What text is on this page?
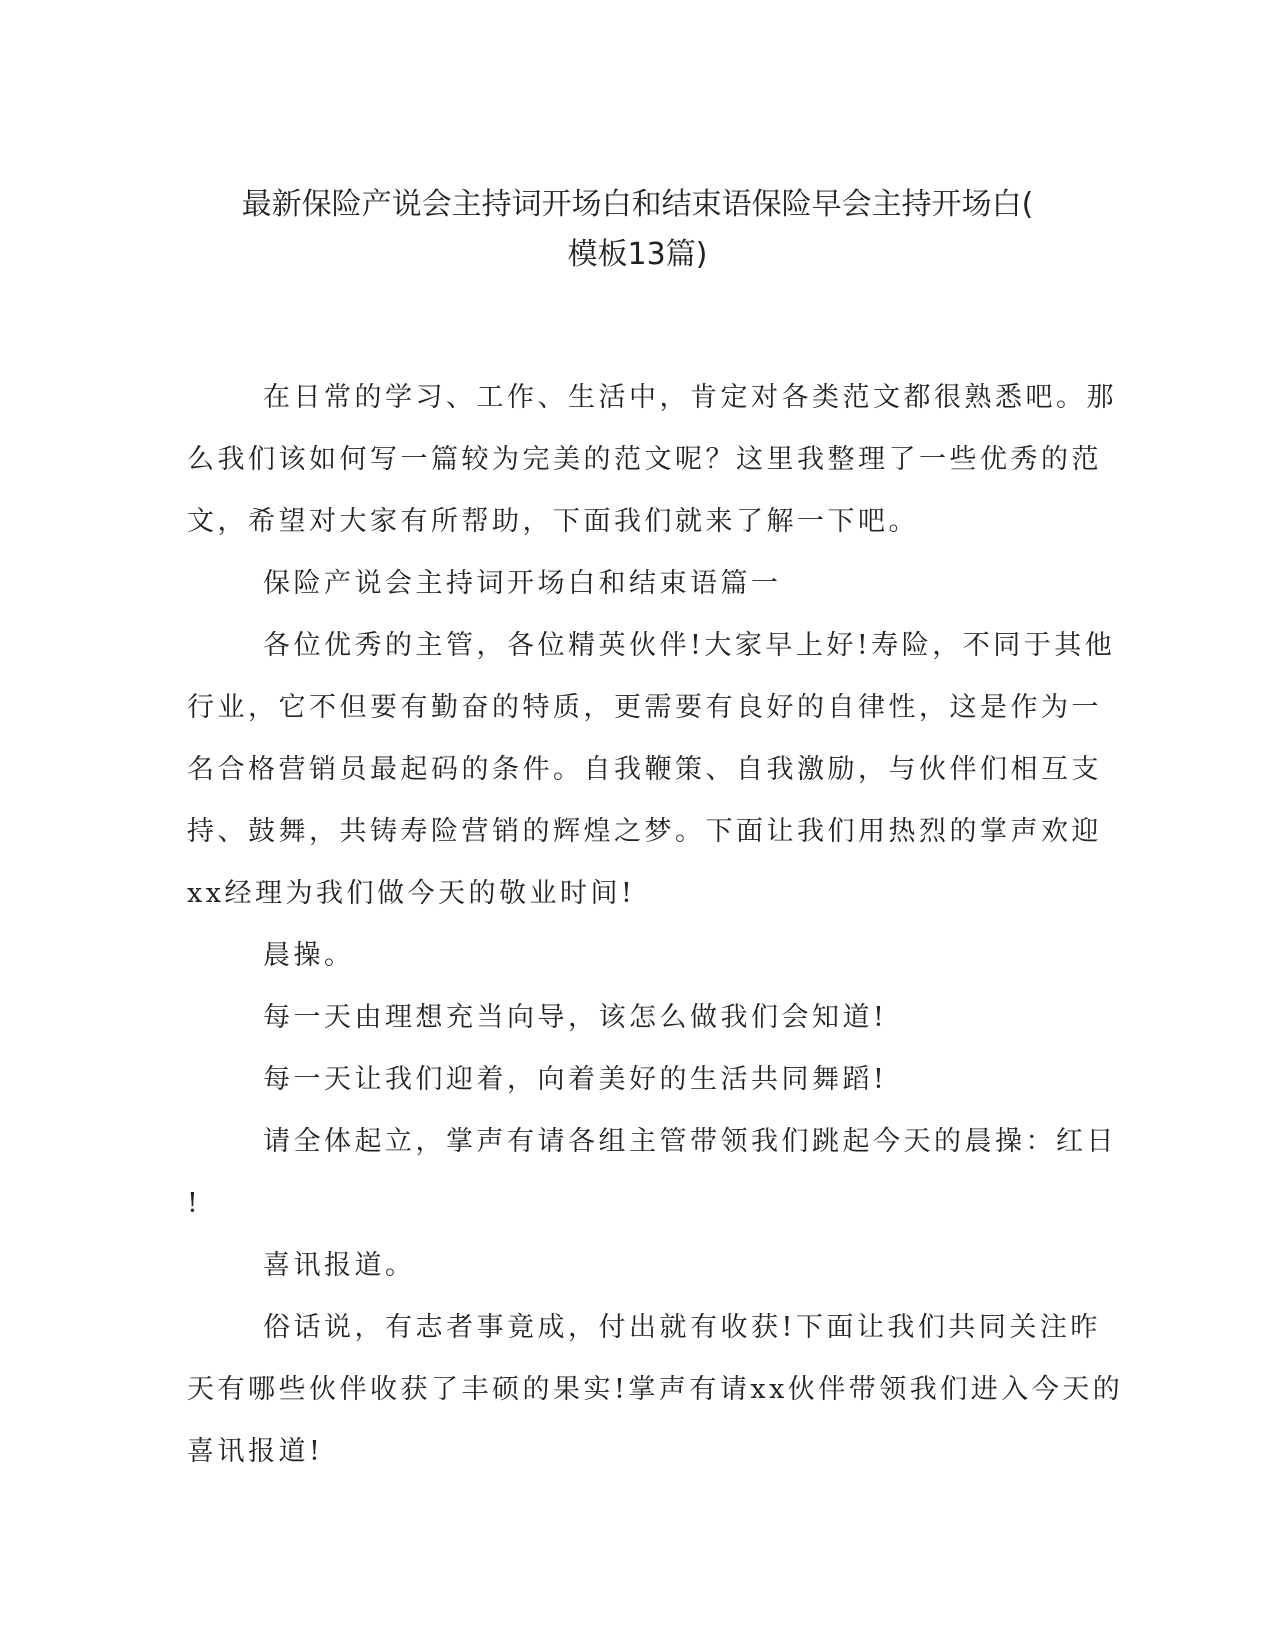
最新保险产说会主持词开场白和结束语保险早会主持开场白(
模板13篇)
在日常的学习、工作、生活中，肯定对各类范文都很熟悉吧。那
么我们该如何写一篇较为完美的范文呢？这里我整理了一些优秀的范
文，希望对大家有所帮助，下面我们就来了解一下吧。
保险产说会主持词开场白和结束语篇一
各位优秀的主管，各位精英伙伴!大家早上好!寿险，不同于其他
行业，它不但要有勤奋的特质，更需要有良好的自律性，这是作为一
名合格营销员最起码的条件。自我鞭策、自我激励，与伙伴们相互支
持、鼓舞，共铸寿险营销的辉煌之梦。下面让我们用热烈的掌声欢迎
xx经理为我们做今天的敬业时间!
晨操。
每一天由理想充当向导，该怎么做我们会知道!
每一天让我们迎着，向着美好的生活共同舞蹈!
请全体起立，掌声有请各组主管带领我们跳起今天的晨操：红日
!
喜讯报道。
俗话说，有志者事竟成，付出就有收获!下面让我们共同关注昨
天有哪些伙伴收获了丰硕的果实!掌声有请xx伙伴带领我们进入今天的
喜讯报道!
